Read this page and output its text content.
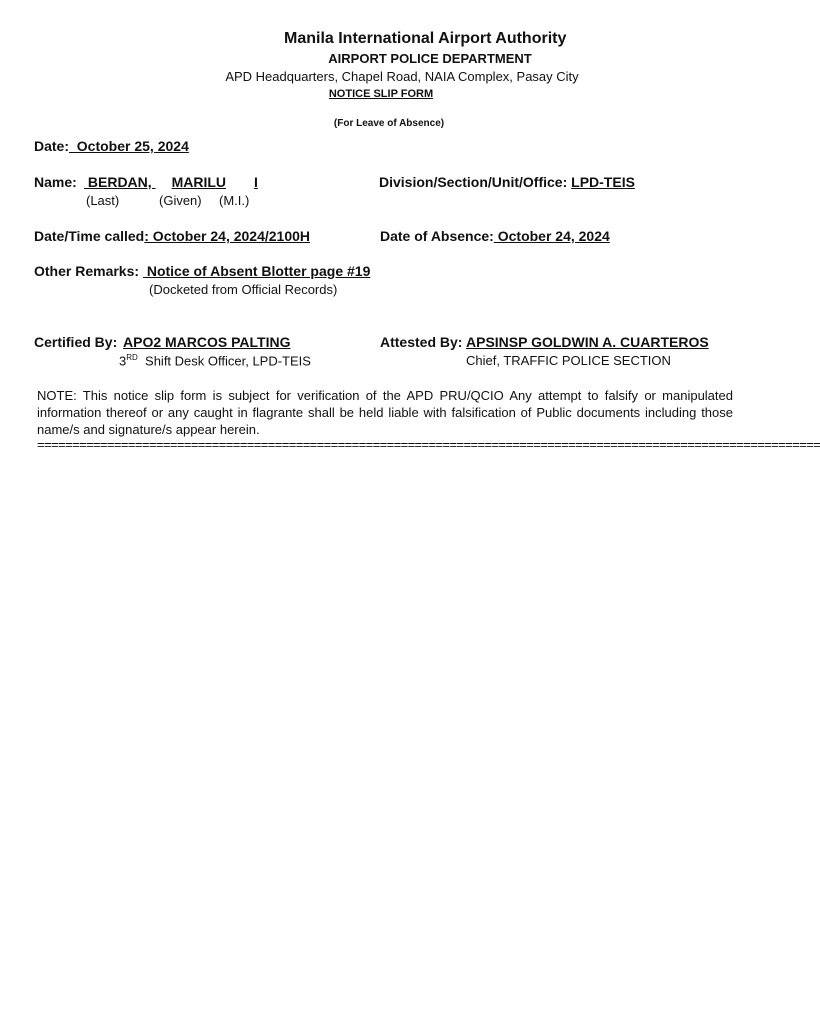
Manila International Airport Authority
AIRPORT POLICE DEPARTMENT
APD Headquarters, Chapel Road, NAIA Complex, Pasay City
NOTICE SLIP FORM
(For Leave of Absence)
Date:  October 25, 2024
Name: BERDAN, MARILU I
(Last)	(Given) (M.I.)
Division/Section/Unit/Office: LPD-TEIS
Date/Time called: October 24, 2024/2100H	Date of Absence: October 24, 2024
Other Remarks:  Notice of Absent Blotter page #19
(Docketed from Official Records)
Certified By: APO2 MARCOS PALTING
3RD Shift Desk Officer, LPD-TEIS
Attested By: APSINSP GOLDWIN A. CUARTEROS
Chief, TRAFFIC POLICE SECTION
NOTE: This notice slip form is subject for verification of the APD PRU/QCIO Any attempt to falsify or manipulated information thereof or any caught in flagrante shall be held liable with falsification of Public documents including those name/s and signature/s appear herein.
================================================================================================================
